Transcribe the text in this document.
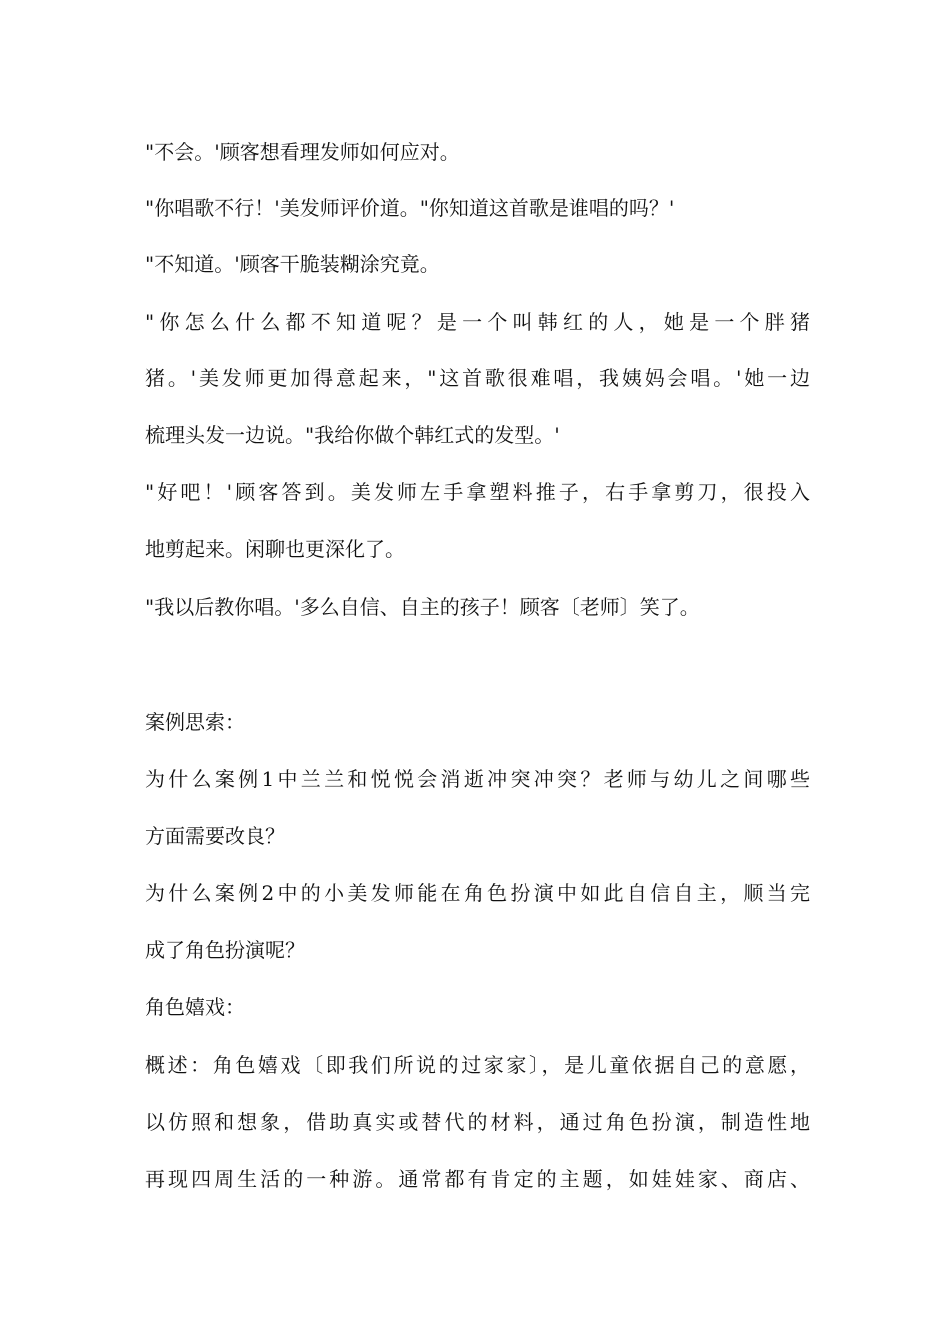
"不会。'顾客想看理发师如何应对。
"你唱歌不行！'美发师评价道。"你知道这首歌是谁唱的吗？'
"不知道。'顾客干脆装糊涂究竟。
"你怎么什么都不知道呢？是一个叫韩红的人，她是一个胖猪
猪。'美发师更加得意起来，"这首歌很难唱，我姨妈会唱。'她一边
梳理头发一边说。"我给你做个韩红式的发型。'
"好吧！'顾客答到。美发师左手拿塑料推子，右手拿剪刀，很投入
地剪起来。闲聊也更深化了。
"我以后教你唱。'多么自信、自主的孩子！顾客〔老师〕笑了。
案例思索：
为什么案例1中兰兰和悦悦会消逝冲突冲突？老师与幼儿之间哪些
方面需要改良？
为什么案例2中的小美发师能在角色扮演中如此自信自主，顺当完
成了角色扮演呢？
角色嬉戏：
概述：角色嬉戏〔即我们所说的过家家〕，是儿童依据自己的意愿，
以仿照和想象，借助真实或替代的材料，通过角色扮演，制造性地
再现四周生活的一种游。通常都有肯定的主题，如娃娃家、商店、
